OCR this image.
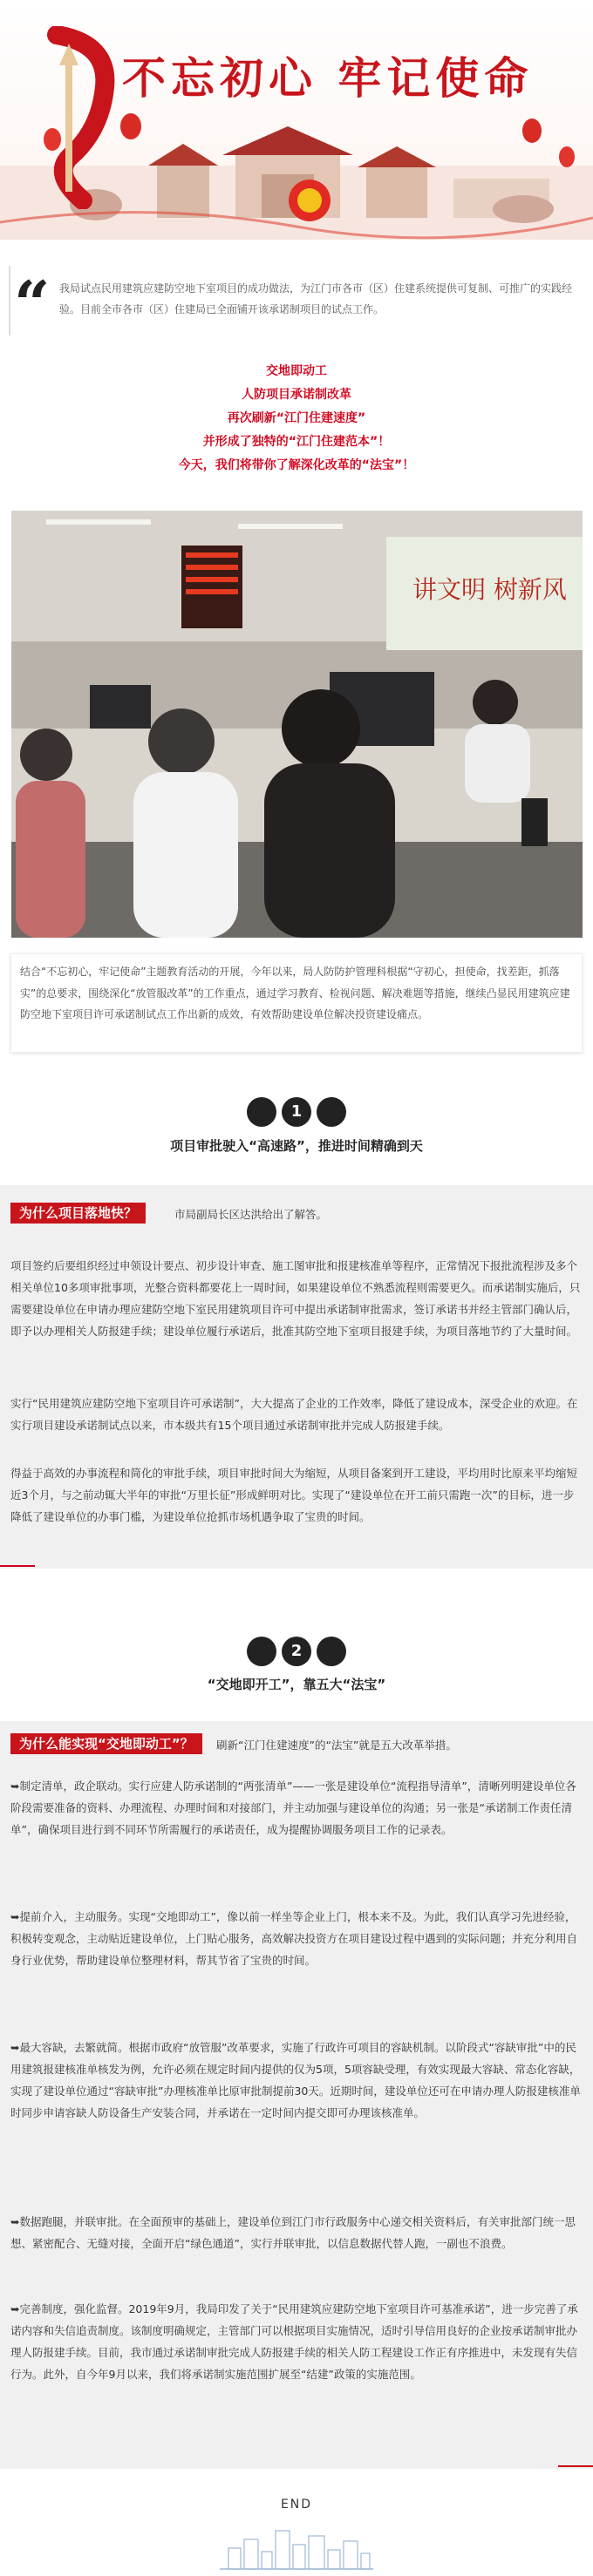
不忘初心 牢记使命
“ 我局试点民用建筑应建防空地下室项目的成功做法，为江门市各市（区）住建系统提供可复制、可推广的实践经验。目前全市各市（区）住建局已全面铺开该承诺制项目的试点工作。
交地即动工
人防项目承诺制改革
再次刷新“江门住建速度”
并形成了独特的“江门住建范本”！
今天，我们将带你了解深化改革的“法宝”！
讲文明 树新风
结合“不忘初心，牢记使命”主题教育活动的开展，今年以来，局人防防护管理科根据“守初心，担使命，找差距，抓落实”的总要求，围绕深化“放管服改革”的工作重点，通过学习教育、检视问题、解决难题等措施，继续凸显民用建筑应建防空地下室项目许可承诺制试点工作出新的成效，有效帮助建设单位解决投资建设痛点。
1
项目审批驶入“高速路”，推进时间精确到天
为什么项目落地快？	市局副局长区达洪给出了解答。
项目签约后要组织经过申领设计要点、初步设计审查、施工图审批和报建核准单等程序，正常情况下报批流程涉及多个相关单位10多项审批事项，光整合资料都要花上一周时间，如果建设单位不熟悉流程则需要更久。而承诺制实施后，只需要建设单位在申请办理应建防空地下室民用建筑项目许可中提出承诺制审批需求，签订承诺书并经主管部门确认后，即予以办理相关人防报建手续；建设单位履行承诺后，批准其防空地下室项目报建手续，为项目落地节约了大量时间。
实行“民用建筑应建防空地下室项目许可承诺制”，大大提高了企业的工作效率，降低了建设成本，深受企业的欢迎。在实行项目建设承诺制试点以来，市本级共有15个项目通过承诺制审批并完成人防报建手续。
得益于高效的办事流程和简化的审批手续，项目审批时间大为缩短，从项目备案到开工建设，平均用时比原来平均缩短近3个月，与之前动辄大半年的审批“万里长征”形成鲜明对比。实现了“建设单位在开工前只需跑一次”的目标，进一步降低了建设单位的办事门槛，为建设单位抢抓市场机遇争取了宝贵的时间。
2
“交地即开工”，靠五大“法宝”
为什么能实现“交地即动工”？	刷新“江门住建速度”的“法宝”就是五大改革举措。
➥制定清单，政企联动。实行应建人防承诺制的“两张清单”——一张是建设单位“流程指导清单”，清晰列明建设单位各阶段需要准备的资料、办理流程、办理时间和对接部门，并主动加强与建设单位的沟通；另一张是“承诺制工作责任清单”，确保项目进行到不同环节所需履行的承诺责任，成为提醒协调服务项目工作的记录表。
➥提前介入，主动服务。实现“交地即动工”，像以前一样坐等企业上门，根本来不及。为此，我们认真学习先进经验，积极转变观念，主动贴近建设单位，上门贴心服务，高效解决投资方在项目建设过程中遇到的实际问题；并充分利用自身行业优势，帮助建设单位整理材料，帮其节省了宝贵的时间。
➥最大容缺，去繁就简。根据市政府“放管服”改革要求，实施了行政许可项目的容缺机制。以阶段式“容缺审批”中的民用建筑报建核准单核发为例，允许必须在规定时间内提供的仅为5项，5项容缺受理，有效实现最大容缺、常态化容缺，实现了建设单位通过“容缺审批”办理核准单比原审批制提前30天。近期时间，建设单位还可在申请办理人防报建核准单时同步申请容缺人防设备生产安装合同，并承诺在一定时间内提交即可办理该核准单。
➥数据跑腿，并联审批。在全面预审的基础上，建设单位到江门市行政服务中心递交相关资料后，有关审批部门统一思想、紧密配合、无缝对接，全面开启“绿色通道”，实行并联审批，以信息数据代替人跑，一副也不浪费。
➥完善制度，强化监督。2019年9月，我局印发了关于“民用建筑应建防空地下室项目许可基准承诺”，进一步完善了承诺内容和失信追责制度。该制度明确规定，主管部门可以根据项目实施情况，适时引导信用良好的企业按承诺制审批办理人防报建手续。目前，我市通过承诺制审批完成人防报建手续的相关人防工程建设工作正有序推进中，未发现有失信行为。此外，自今年9月以来，我们将承诺制实施范围扩展至“结建”政策的实施范围。
END
